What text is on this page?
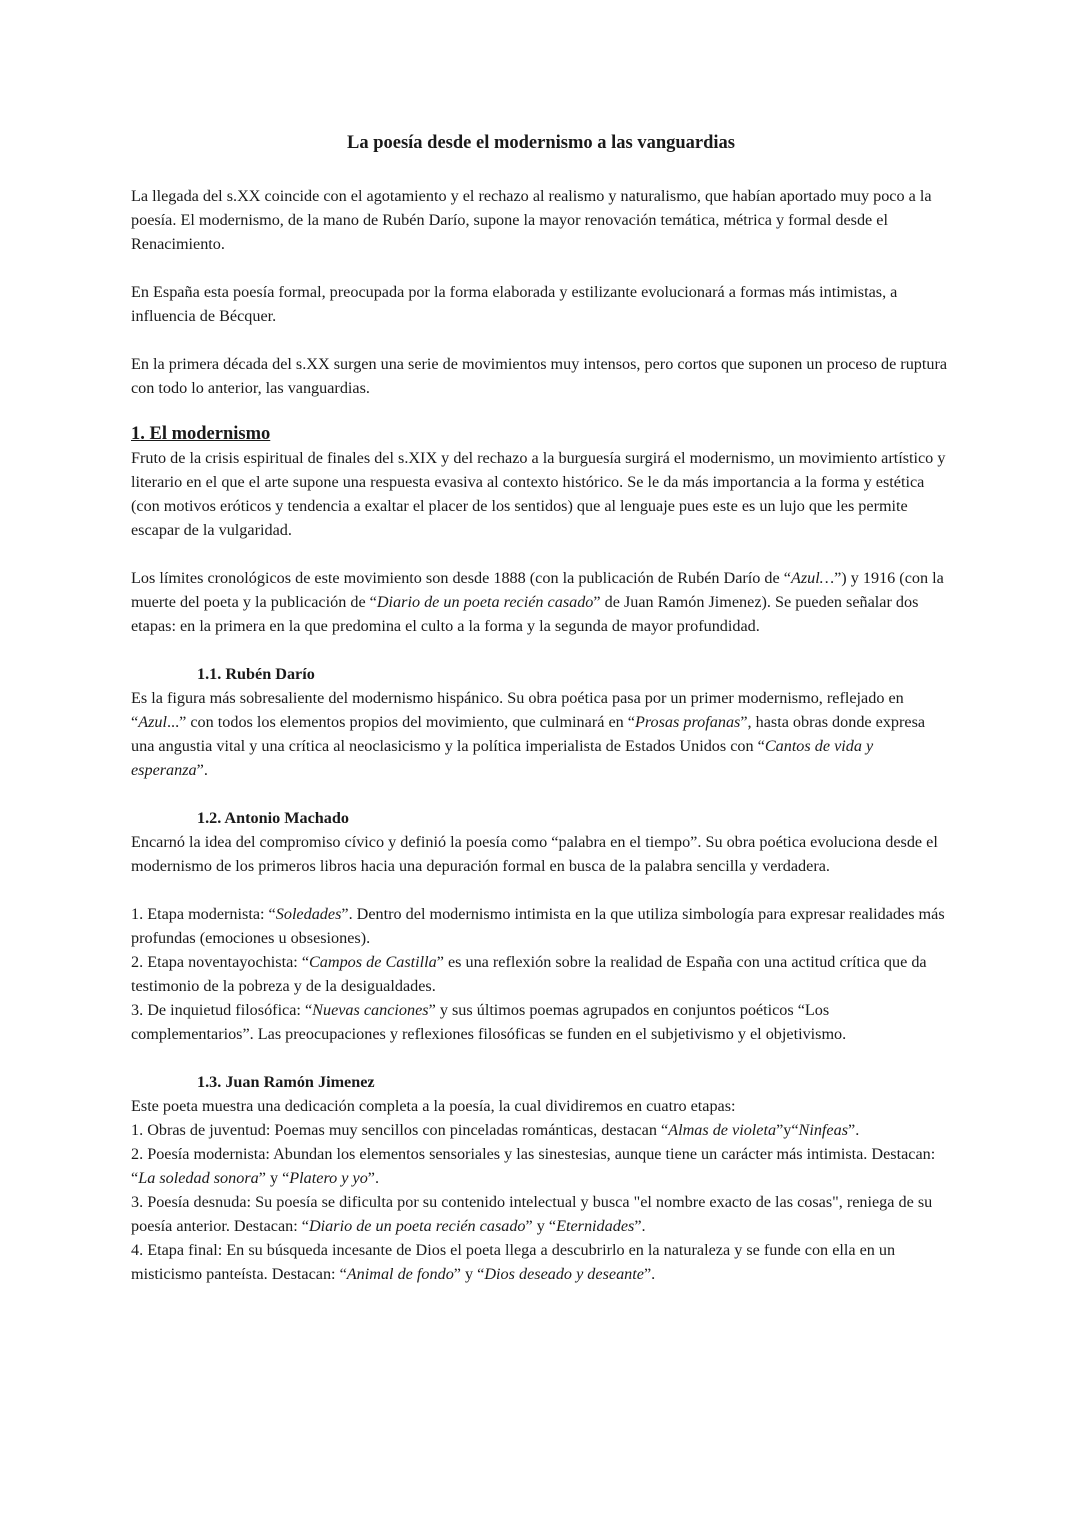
La poesía desde el modernismo a las vanguardias

La llegada del s.XX coincide con el agotamiento y el rechazo al realismo y naturalismo, que habían aportado muy poco a la poesía. El modernismo, de la mano de Rubén Darío, supone la mayor renovación temática, métrica y formal desde el Renacimiento.

En España esta poesía formal, preocupada por la forma elaborada y estilizante evolucionará a formas más intimistas, a influencia de Bécquer.

En la primera década del s.XX surgen una serie de movimientos muy intensos, pero cortos que suponen un proceso de ruptura con todo lo anterior, las vanguardias.

1. El modernismo

Fruto de la crisis espiritual de finales del s.XIX y del rechazo a la burguesía surgirá el modernismo, un movimiento artístico y literario en el que el arte supone una respuesta evasiva al contexto histórico. Se le da más importancia a la forma y estética (con motivos eróticos y tendencia a exaltar el placer de los sentidos) que al lenguaje pues este es un lujo que les permite escapar de la vulgaridad.

Los límites cronológicos de este movimiento son desde 1888 (con la publicación de Rubén Darío de “Azul…”) y 1916 (con la muerte del poeta y la publicación de “Diario de un poeta recién casado” de Juan Ramón Jimenez). Se pueden señalar dos etapas: en la primera en la que predomina el culto a la forma y la segunda de mayor profundidad.

1.1. Rubén Darío

Es la figura más sobresaliente del modernismo hispánico. Su obra poética pasa por un primer modernismo, reflejado en “Azul...” con todos los elementos propios del movimiento, que culminará en “Prosas profanas”, hasta obras donde expresa una angustia vital y una crítica al neoclasicismo y la política imperialista de Estados Unidos con “Cantos de vida y esperanza”.

1.2. Antonio Machado

Encarnó la idea del compromiso cívico y definió la poesía como “palabra en el tiempo”. Su obra poética evoluciona desde el modernismo de los primeros libros hacia una depuración formal en busca de la palabra sencilla y verdadera.

1. Etapa modernista: “Soledades”. Dentro del modernismo intimista en la que utiliza simbología para expresar realidades más profundas (emociones u obsesiones).

2. Etapa noventayochista: “Campos de Castilla” es una reflexión sobre la realidad de España con una actitud crítica que da testimonio de la pobreza y de la desigualdades.

3. De inquietud filosófica: “Nuevas canciones” y sus últimos poemas agrupados en conjuntos poéticos “Los complementarios”. Las preocupaciones y reflexiones filosóficas se funden en el subjetivismo y el objetivismo.

1.3. Juan Ramón Jimenez

Este poeta muestra una dedicación completa a la poesía, la cual dividiremos en cuatro etapas:

1. Obras de juventud: Poemas muy sencillos con pinceladas románticas, destacan “Almas de violeta”y“Ninfeas”.

2. Poesía modernista: Abundan los elementos sensoriales y las sinestesias, aunque tiene un carácter más intimista. Destacan: “La soledad sonora” y “Platero y yo”.

3. Poesía desnuda: Su poesía se dificulta por su contenido intelectual y busca "el nombre exacto de las cosas", reniega de su poesía anterior. Destacan: “Diario de un poeta recién casado” y “Eternidades”.

4. Etapa final: En su búsqueda incesante de Dios el poeta llega a descubrirlo en la naturaleza y se funde con ella en un misticismo panteísta. Destacan: “Animal de fondo” y “Dios deseado y deseante”.
